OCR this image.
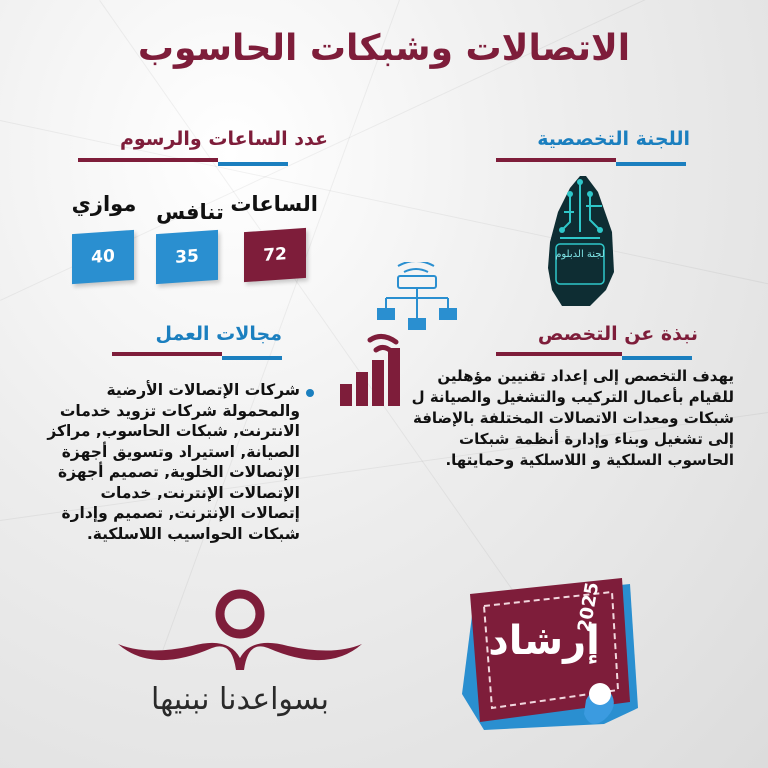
الاتصالات وشبكات الحاسوب
عدد الساعات والرسوم
الساعات
تنافس
موازي
72
35
40
اللجنة التخصصية
لجنة الدبلوم
مجالات العمل
شركات الإتصالات الأرضية والمحمولة شركات تزويد خدمات الانترنت, شبكات الحاسوب, مراكز الصيانة, استيراد وتسويق أجهزة الإتصالات الخلوية, تصميم أجهزة الإتصالات الإنترنت, خدمات إتصالات الإنترنت, تصميم وإدارة شبكات الحواسيب اللاسلكية.
نبذة عن التخصص
يهدف التخصص إلى إعداد تقنيين مؤهلين للقيام بأعمال التركيب والتشغيل والصيانة ل شبكات ومعدات الاتصالات المختلفة بالإضافة إلى تشغيل وبناء وإدارة أنظمة شبكات الحاسوب السلكية و اللاسلكية وحمايتها.
بسواعدنا نبنيها
إرشاد
2025
